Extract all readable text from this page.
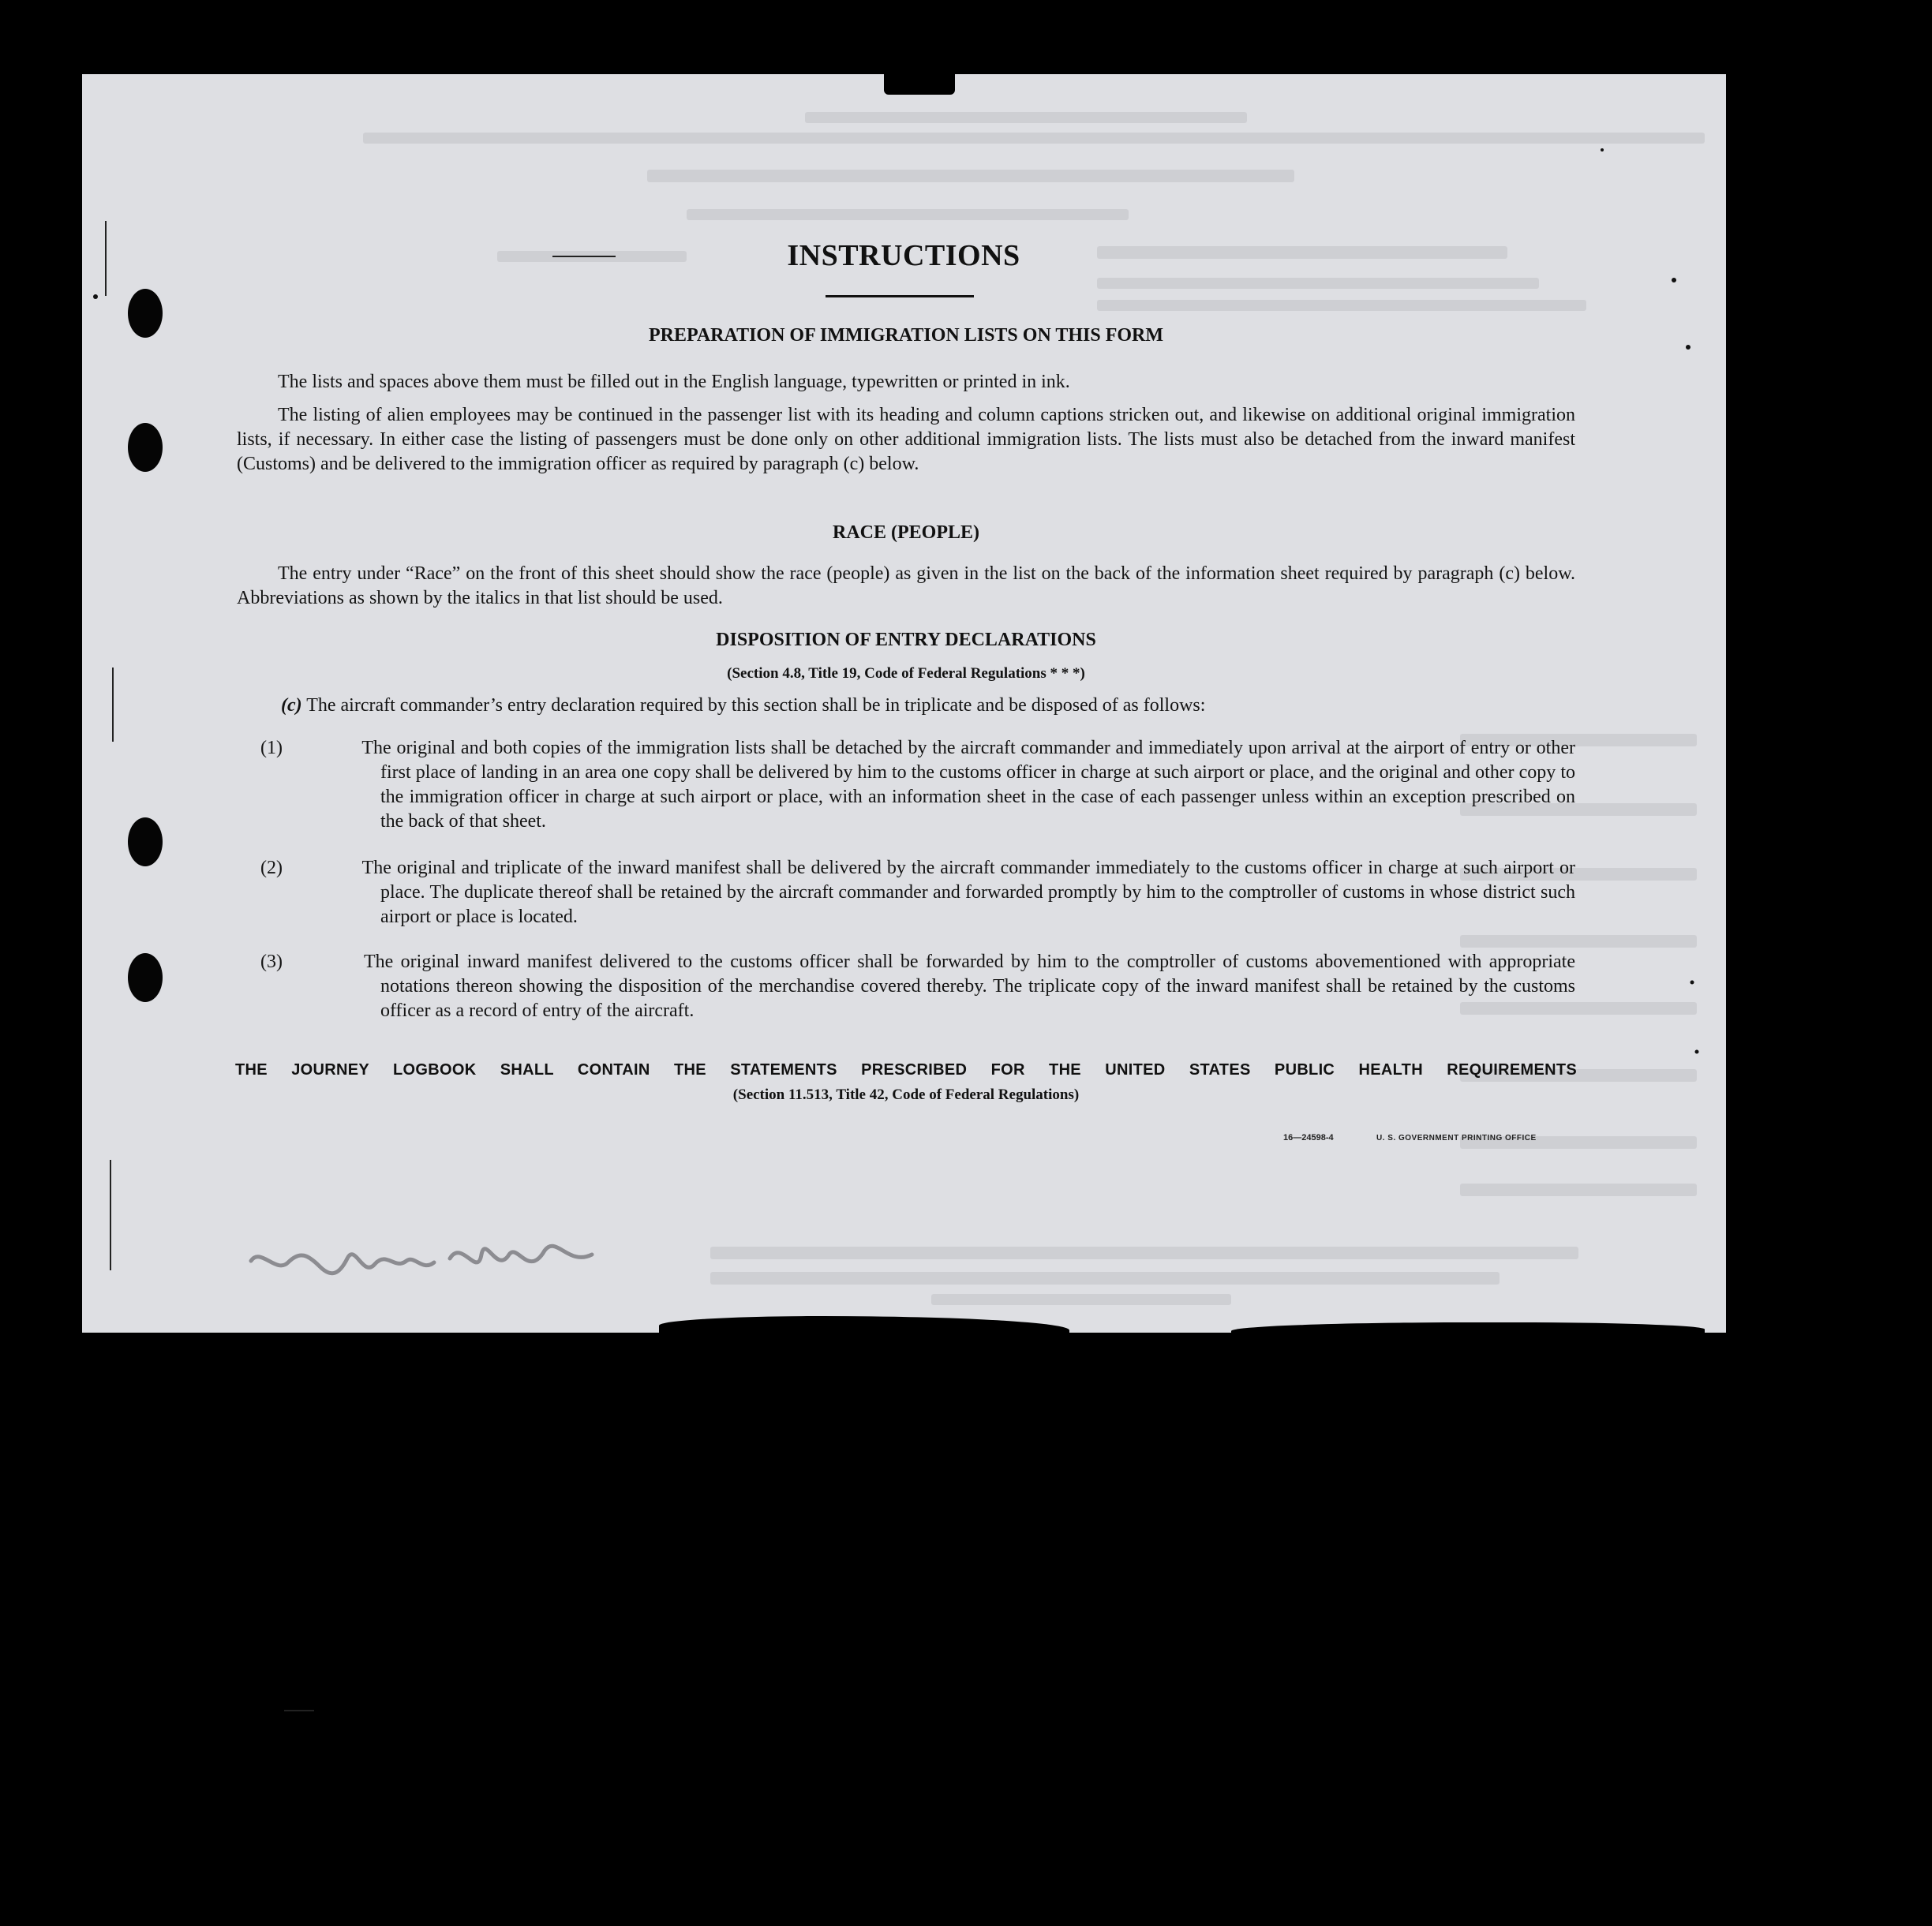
INSTRUCTIONS
PREPARATION OF IMMIGRATION LISTS ON THIS FORM
The lists and spaces above them must be filled out in the English language, typewritten or printed in ink.
The listing of alien employees may be continued in the passenger list with its heading and column captions stricken out, and likewise on additional original immigration lists, if necessary. In either case the listing of passengers must be done only on other additional immigration lists. The lists must also be detached from the inward manifest (Customs) and be delivered to the immigration officer as required by paragraph (c) below.
RACE (PEOPLE)
The entry under “Race” on the front of this sheet should show the race (people) as given in the list on the back of the information sheet required by paragraph (c) below. Abbreviations as shown by the italics in that list should be used.
DISPOSITION OF ENTRY DECLARATIONS
(Section 4.8, Title 19, Code of Federal Regulations * * *)
(c) The aircraft commander’s entry declaration required by this section shall be in triplicate and be disposed of as follows:
(1)	The original and both copies of the immigration lists shall be detached by the aircraft commander and immediately upon arrival at the airport of entry or other first place of landing in an area one copy shall be delivered by him to the customs officer in charge at such airport or place, and the original and other copy to the immigration officer in charge at such airport or place, with an information sheet in the case of each passenger unless within an exception prescribed on the back of that sheet.
(2)	The original and triplicate of the inward manifest shall be delivered by the aircraft commander immediately to the customs officer in charge at such airport or place. The duplicate thereof shall be retained by the aircraft commander and forwarded promptly by him to the comptroller of customs in whose district such airport or place is located.
(3)	The original inward manifest delivered to the customs officer shall be forwarded by him to the comptroller of customs abovementioned with appropriate notations thereon showing the disposition of the merchandise covered thereby. The triplicate copy of the inward manifest shall be retained by the customs officer as a record of entry of the aircraft.
THE JOURNEY LOGBOOK SHALL CONTAIN THE STATEMENTS PRESCRIBED FOR THE UNITED STATES PUBLIC HEALTH REQUIREMENTS
(Section 11.513, Title 42, Code of Federal Regulations)
16—24598-4	U. S. GOVERNMENT PRINTING OFFICE
